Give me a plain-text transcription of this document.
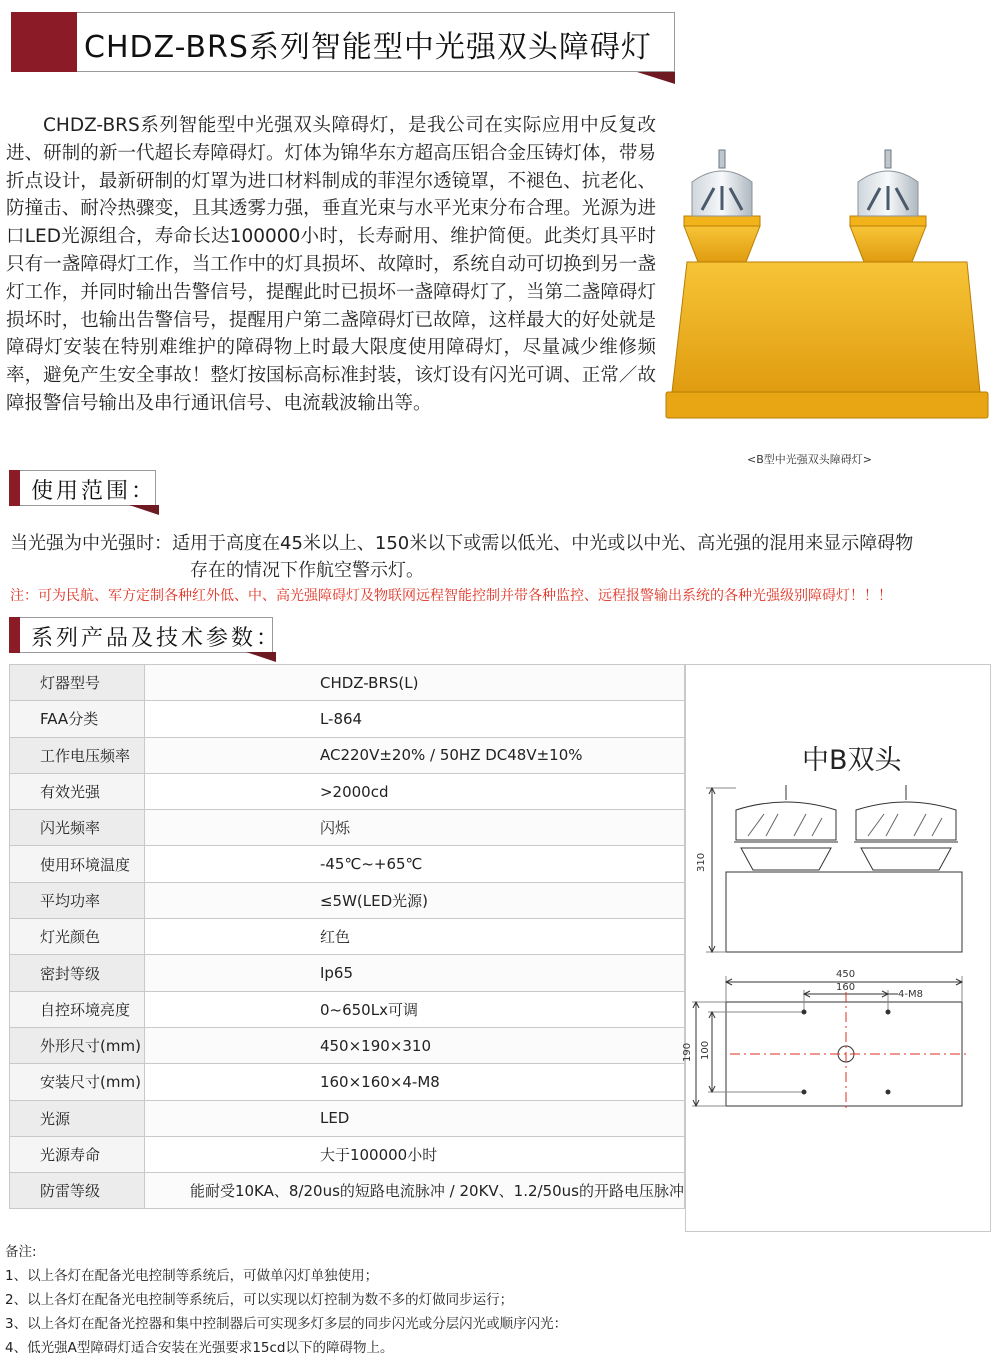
CHDZ-BRS系列智能型中光强双头障碍灯
CHDZ-BRS系列智能型中光强双头障碍灯，是我公司在实际应用中反复改进、研制的新一代超长寿障碍灯。灯体为锦华东方超高压铝合金压铸灯体，带易折点设计，最新研制的灯罩为进口材料制成的菲涅尔透镜罩，不褪色、抗老化、防撞击、耐冷热骤变，且其透雾力强，垂直光束与水平光束分布合理。光源为进口LED光源组合，寿命长达100000小时，长寿耐用、维护简便。此类灯具平时只有一盏障碍灯工作，当工作中的灯具损坏、故障时，系统自动可切换到另一盏灯工作，并同时输出告警信号，提醒此时已损坏一盏障碍灯了，当第二盏障碍灯损坏时，也输出告警信号，提醒用户第二盏障碍灯已故障，这样最大的好处就是障碍灯安装在特别难维护的障碍物上时最大限度使用障碍灯，尽量减少维修频率，避免产生安全事故！整灯按国标高标准封装，该灯设有闪光可调、正常／故障报警信号输出及串行通讯信号、电流载波输出等。
<B型中光强双头障碍灯>
使用范围：
当光强为中光强时：适用于高度在45米以上、150米以下或需以低光、中光或以中光、高光强的混用来显示障碍物
存在的情况下作航空警示灯。
注：可为民航、军方定制各种红外低、中、高光强障碍灯及物联网远程智能控制并带各种监控、远程报警输出系统的各种光强级别障碍灯！！！
系列产品及技术参数：
灯器型号	CHDZ-BRS(L)
FAA分类	L-864
工作电压频率	AC220V±20% / 50HZ DC48V±10%
有效光强	>2000cd
闪光频率	闪烁
使用环境温度	-45℃~+65℃
平均功率	≤5W(LED光源)
灯光颜色	红色
密封等级	Ip65
自控环境亮度	0~650Lx可调
外形尺寸(mm)	450×190×310
安装尺寸(mm)	160×160×4-M8
光源	LED
光源寿命	大于100000小时
防雷等级	能耐受10KA、8/20us的短路电流脉冲 / 20KV、1.2/50us的开路电压脉冲
中B双头
310
450
160
4-M8
190 100
备注:
1、以上各灯在配备光电控制等系统后，可做单闪灯单独使用；
2、以上各灯在配备光电控制等系统后，可以实现以灯控制为数不多的灯做同步运行；
3、以上各灯在配备光控器和集中控制器后可实现多灯多层的同步闪光或分层闪光或顺序闪光：
4、低光强A型障碍灯适合安装在光强要求15cd以下的障碍物上。
